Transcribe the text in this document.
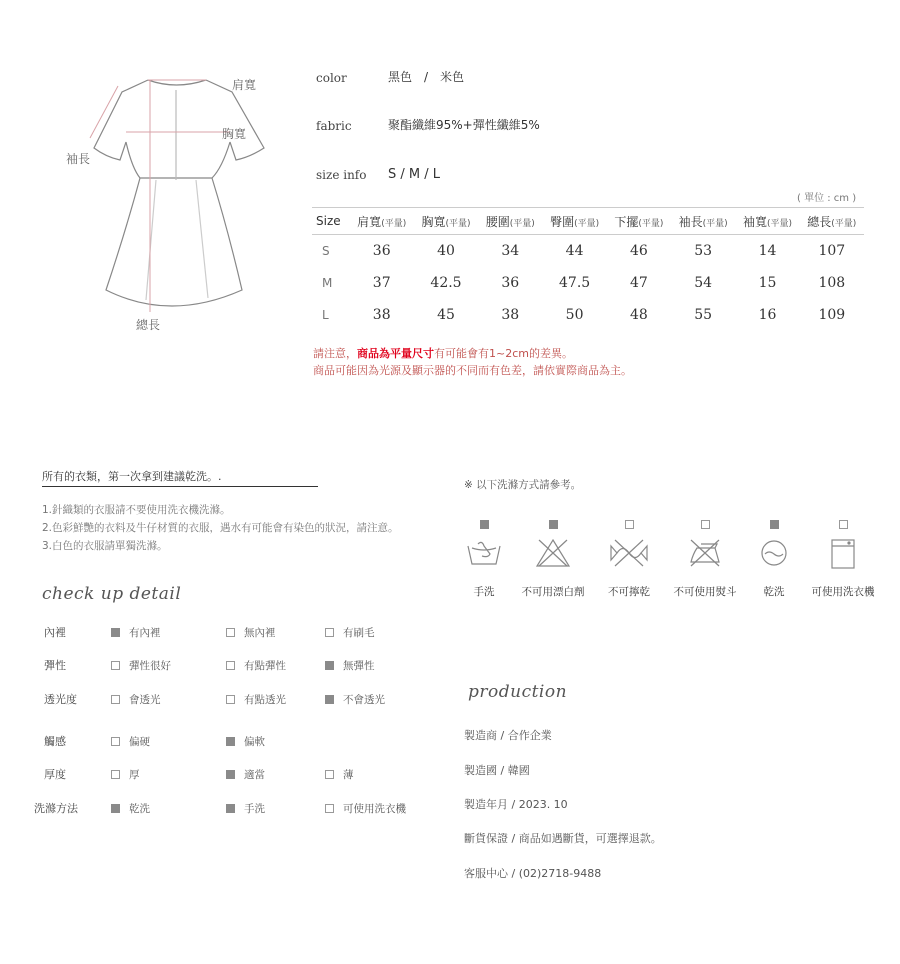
肩寬
胸寬
袖長
總長
color	黑色　/　米色
fabric	聚酯纖維95%+彈性纖維5%
size info S / M / L
( 單位 : cm )
Size	肩寬(平量)	胸寬(平量)	腰圍(平量)	臀圍(平量)	下擺(平量)	袖長(平量)	袖寬(平量)	總長(平量)
S	36	40	34	44	46	53	14	107
M	37	42.5	36	47.5	47	54	15	108
L	38	45	38	50	48	55	16	109
請注意，商品為平量尺寸有可能會有1~2cm的差異。
商品可能因為光源及顯示器的不同而有色差，請依實際商品為主。
所有的衣類，第一次拿到建議乾洗。.
1.針織類的衣服請不要使用洗衣機洗滌。
2.色彩鮮艷的衣料及牛仔材質的衣服，遇水有可能會有染色的狀況，請注意。
3.白色的衣服請單獨洗滌。
check up detail
內裡	有內裡	無內裡	有刷毛
彈性	彈性很好	有點彈性	無彈性
透光度	會透光	有點透光	不會透光
觸感	偏硬	偏軟
厚度	厚	適當	薄
洗滌方法	乾洗	手洗	可使用洗衣機
※ 以下洗滌方式請參考。
手洗	不可用漂白劑	不可擰乾	不可使用熨斗	乾洗	可使用洗衣機
production
製造商 / 合作企業
製造國 / 韓國
製造年月 / 2023. 10
斷貨保證 / 商品如遇斷貨，可選擇退款。
客服中心 / (02)2718-9488
